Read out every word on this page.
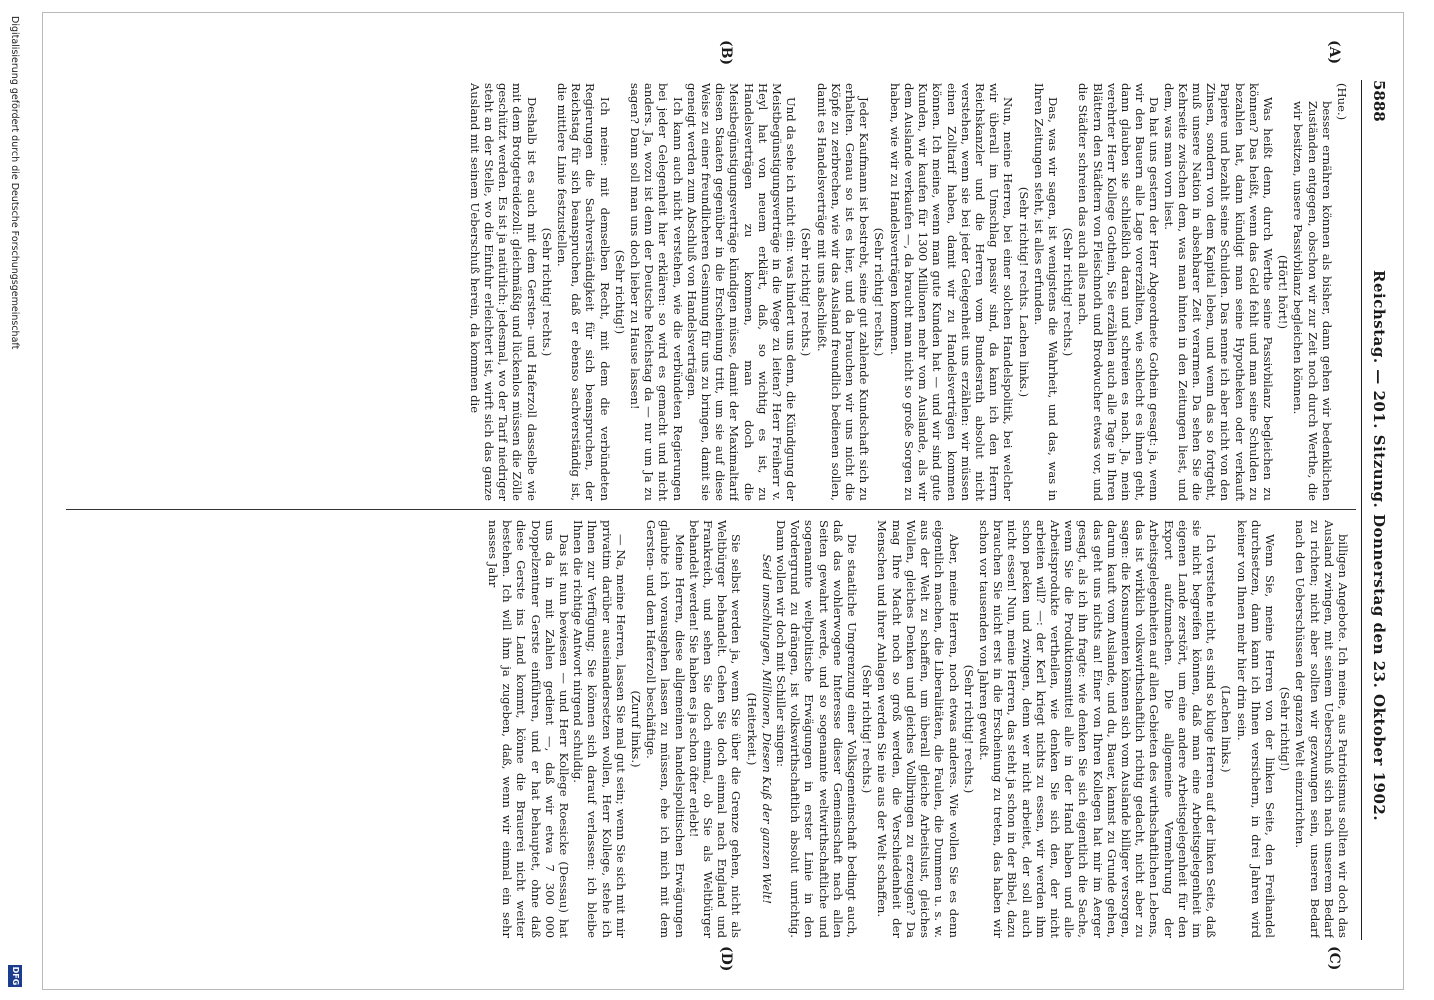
5888
Reichstag. — 201. Sitzung. Donnerstag den 23. Oktober 1902.
(A)
(B)
(C)
(D)

(Hue.)

besser ernähren können als bisher, dann gehen wir bedenklichen Zuständen entgegen, obschon wir zur Zeit noch durch Werthe, die wir besitzen, unsere Passivbilanz begleichen können.

(Hört! hört!)

Was heißt denn, durch Werthe seine Passivbilanz begleichen zu können? Das heißt, wenn das Geld fehlt und man seine Schulden zu bezahlen hat, dann kündigt man seine Hypotheken oder verkauft Papiere und bezahlt seine Schulden. Das nenne ich aber nicht von den Zinsen, sondern von dem Kapital leben, und wenn das so fortgeht, muß unsere Nation in absehbarer Zeit verarmen. Da sehen Sie die Kehrseite zwischen dem, was man hinten in den Zeitungen liest, und dem, was man vorn liest.

Da hat uns gestern der Herr Abgeordnete Gothein gesagt: ja, wenn wir den Bauern alle Lage vorerzählten, wie schlecht es ihnen geht, dann glauben sie schließlich daran und schreien es nach. Ja, mein verehrter Herr Kollege Gothein, Sie erzählen auch alle Tage in Ihren Blättern den Städtern von Fleischnoth und Brodwucher etwas vor, und die Städter schreien das auch alles nach.

(Sehr richtig! rechts.)

Das, was wir sagen, ist wenigstens die Wahrheit, und das, was in Ihren Zeitungen steht, ist alles erfunden.

(Sehr richtig! rechts. Lachen links.)

Nun, meine Herren, bei einer solchen Handelspolitik, bei welcher wir überall im Umschlag passiv sind, da kann ich den Herrn Reichskanzler und die Herren vom Bundesrath absolut nicht verstehen, wenn sie bei jeder Gelegenheit uns erzählen: wir müssen einen Zolltarif haben, damit wir zu Handelsverträgen kommen können. Ich meine, wenn man gute Kunden hat — und wir sind gute Kunden, wir kaufen für 1300 Millionen mehr vom Auslande, als wir dem Auslande verkaufen —, da braucht man nicht so große Sorgen zu haben, wie wir zu Handelsverträgen kommen.

(Sehr richtig! rechts.)

Jeder Kaufmann ist bestrebt, seine gut zahlende Kundschaft sich zu erhalten. Genau so ist es hier, und da brauchen wir uns nicht die Köpfe zu zerbrechen, wie wir das Ausland freundlich bedienen sollen, damit es Handelsverträge mit uns abschließt.

(Sehr richtig! rechts.)

Und da sehe ich nicht ein: was hindert uns denn, die Kündigung der Meistbegünstigungsverträge in die Wege zu leiten? Herr Freiherr v. Heyl hat von neuem erklärt, daß, so wichtig es ist, zu Handelsverträgen zu kommen, man doch die Meistbegünstigungsverträge kündigen müsse, damit der Maximaltarif diesen Staaten gegenüber in die Erscheinung tritt, um sie auf diese Weise zu einer freundlicheren Gesinnung für uns zu bringen, damit sie geneigt werden zum Abschluß von Handelsverträgen.

Ich kann auch nicht verstehen, wie die verbündeten Regierungen bei jeder Gelegenheit hier erklären: so wird es gemacht und nicht anders. Ja, wozu ist denn der Deutsche Reichstag da — nur um Ja zu sagen? Dann soll man uns doch lieber zu Hause lassen!

(Sehr richtig!)

Ich meine: mit demselben Recht, mit dem die verbündeten Regierungen die Sachverständigkeit für sich beanspruchen, der Reichstag für sich beanspruchen, daß er ebenso sachverständig ist, die mittlere Linie festzustellen.

(Sehr richtig! rechts.)

Deshalb ist es auch mit dem Gersten- und Haferzoll dasselbe wie mit dem Brotgetreidezoll: gleichmäßig und lückenlos müssen die Zölle geschützt werden. Es ist ja natürlich: jedesmal, wo der Tarif niedriger steht an der Stelle, wo die Einfuhr erleichtert ist, wirft sich das ganze Ausland mit seinem Ueberschuß herein, da kommen die

billigen Angebote. Ich meine, aus Patriotismus sollten wir doch das Ausland zwingen, mit seinem Ueberschuß sich nach unserem Bedarf zu richten; nicht aber sollten wir gezwungen sein, unseren Bedarf nach den Ueberschüssen der ganzen Welt einzurichten.

(Sehr richtig!)

Wenn Sie, meine Herren von der linken Seite, den Freihandel durchsetzen, dann kann ich Ihnen versichern, in drei Jahren wird keiner von Ihnen mehr hier drin sein.

(Lachen links.)

Ich verstehe nicht, es sind so kluge Herren auf der linken Seite, daß sie nicht begreifen können, daß man eine Arbeitsgelegenheit im eigenen Lande zerstört, um eine andere Arbeitsgelegenheit für den Export aufzumachen. Die allgemeine Vermehrung der Arbeitsgelegenheiten auf allen Gebieten des wirthschaftlichen Lebens, das ist wirklich volkswirthschaftlich richtig gedacht, nicht aber zu sagen: die Konsumenten können sich vom Auslande billiger versorgen, darum kauft vom Auslande, und du, Bauer, kannst zu Grunde gehen, das geht uns nichts an! Einer von Ihren Kollegen hat mir im Aerger gesagt, als ich ihn fragte: wie denken Sie sich eigentlich die Sache, wenn Sie die Produktionsmittel alle in der Hand haben und alle Arbeitsprodukte vertheilen, wie denken Sie sich den, der nicht arbeiten will? —: der Kerl kriegt nichts zu essen, wir werden ihm schon packen und zwingen, denn wer nicht arbeitet, der soll auch nicht essen! Nun, meine Herren, das steht ja schon in der Bibel, dazu brauchen Sie nicht erst in die Erscheinung zu treten, das haben wir schon vor tausenden von Jahren gewußt.

(Sehr richtig! rechts.)

Aber, meine Herren, noch etwas anderes. Wie wollen Sie es denn eigentlich machen, die Liberalitäten, die Faulen, die Dummen u. s. w. aus der Welt zu schaffen, um überall gleiche Arbeitslust, gleiches Wollen, gleiches Denken und gleiches Vollbringen zu erzeugen? Da mag Ihre Macht noch so groß werden, die Verschiedenheit der Menschen und ihrer Anlagen werden Sie nie aus der Welt schaffen.

(Sehr richtig! rechts.)

Die staatliche Umgrenzung einer Volksgemeinschaft bedingt auch, daß das wohlerwogene Interesse dieser Gemeinschaft nach allen Seiten gewahrt werde, und so sogenannte weltwirthschaftliche und sogenannte weltpolitische Erwägungen in erster Linie in den Vordergrund zu drängen, ist volkswirthschaftlich absolut unrichtig. Dann wollen wir doch mit Schiller singen:

Seid umschlungen, Millionen, Diesen Kuß der ganzen Welt!

(Heiterkeit.)

Sie selbst werden ja, wenn Sie über die Grenze gehen, nicht als Weltbürger behandelt. Gehen Sie doch einmal nach England und Frankreich, und sehen Sie doch einmal, ob Sie als Weltbürger behandelt werden! Sie haben es ja schon öfter erlebt!

Meine Herren, diese allgemeinen handelspolitischen Erwägungen glaubte ich vorausgehen lassen zu müssen, ehe ich mich mit dem Gersten- und dem Haferzoll beschäftige.

(Zuruf links.)

— Na, meine Herren, lassen Sie mal gut sein; wenn Sie sich mit mir privatim darüber auseinandersetzen wollen, Herr Kollege, stehe ich Ihnen zur Verfügung; Sie können sich darauf verlassen: ich bleibe Ihnen die richtige Antwort nirgend schuldig.

Das ist nun bewiesen — und Herr Kollege Roesicke (Dessau) hat uns da in mit Zahlen gedient —, daß wir etwa 7 300 000 Doppelzentner Gerste einführen, und er hat behauptet, ohne daß diese Gerste ins Land kommt, könne die Brauerei nicht weiter bestehen. Ich will ihm ja zugeben, daß, wenn wir einmal ein sehr nasses Jahr

Digitalisierung gefördert durch die Deutsche Forschungsgemeinschaft
DFG
